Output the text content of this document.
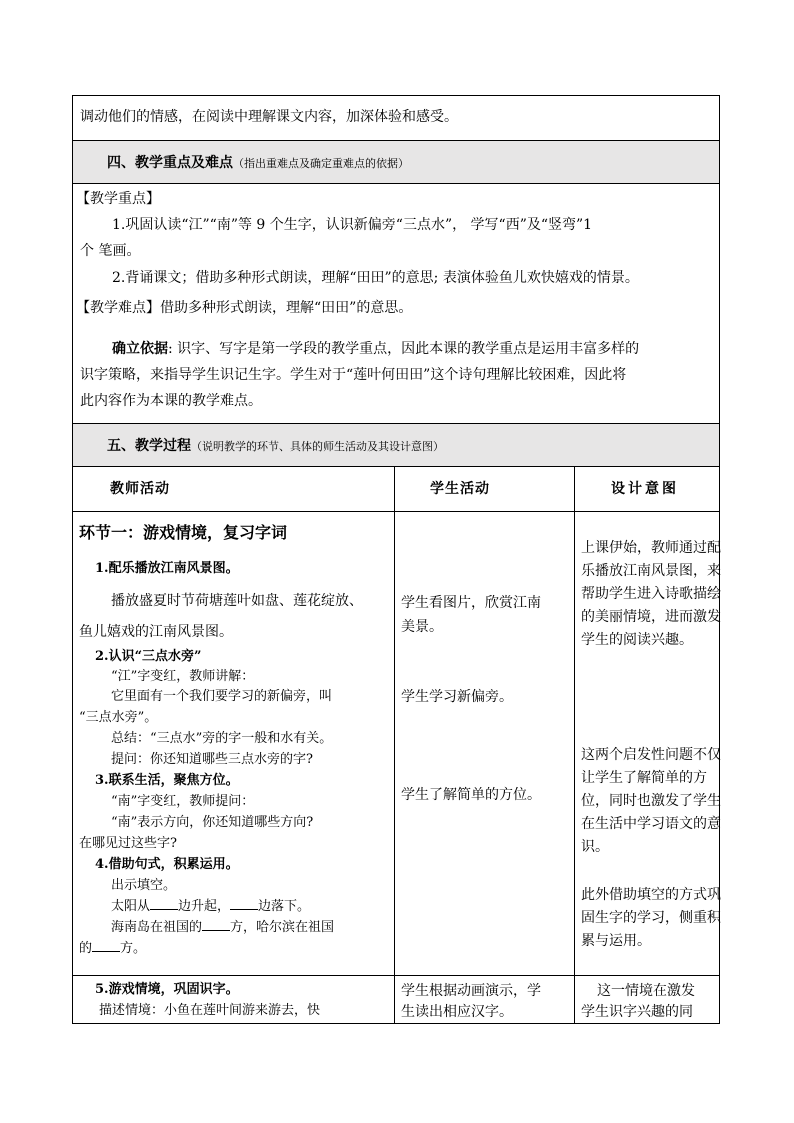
调动他们的情感，在阅读中理解课文内容，加深体验和感受。
四、教学重点及难点（指出重难点及确定重难点的依据）
【教学重点】
1.巩固认读“江”“南”等 9 个生字，认识新偏旁“三点水”， 学写“西”及“竖弯”1
个 笔画。
2.背诵课文；借助多种形式朗读，理解“田田”的意思; 表演体验鱼儿欢快嬉戏的情景。
【教学难点】借助多种形式朗读，理解“田田”的意思。
确立依据: 识字、写字是第一学段的教学重点，因此本课的教学重点是运用丰富多样的
识字策略，来指导学生识记生字。学生对于“莲叶何田田”这个诗句理解比较困难，因此将
此内容作为本课的教学难点。
五、教学过程（说明教学的环节、具体的师生活动及其设计意图）
教师活动	学生活动	设计意图
环节一：游戏情境，复习字词
1.配乐播放江南风景图。
播放盛夏时节荷塘莲叶如盘、莲花绽放、
鱼儿嬉戏的江南风景图。
2.认识“三点水旁”
“江”字变红，教师讲解：
它里面有一个我们要学习的新偏旁，叫
“三点水旁”。
总结：“三点水”旁的字一般和水有关。
提问：你还知道哪些三点水旁的字?
3.联系生活，聚焦方位。
“南”字变红，教师提问：
“南”表示方向，你还知道哪些方向?
在哪见过这些字?
4.借助句式，积累运用。
出示填空。
太阳从 边升起， 边落下。
海南岛在祖国的 方，哈尔滨在祖国
的 方。
学生看图片，欣赏江南
美景。
学生学习新偏旁。
学生了解简单的方位。
上课伊始，教师通过配乐播放江南风景图，来帮助学生进入诗歌描绘的美丽情境，进而激发学生的阅读兴趣。
这两个启发性问题不仅让学生了解简单的方位，同时也激发了学生在生活中学习语文的意识。
此外借助填空的方式巩固生字的学习，侧重积累与运用。
5.游戏情境，巩固识字。
描述情境：小鱼在莲叶间游来游去，快
学生根据动画演示，学
生读出相应汉字。
这一情境在激发
学生识字兴趣的同
